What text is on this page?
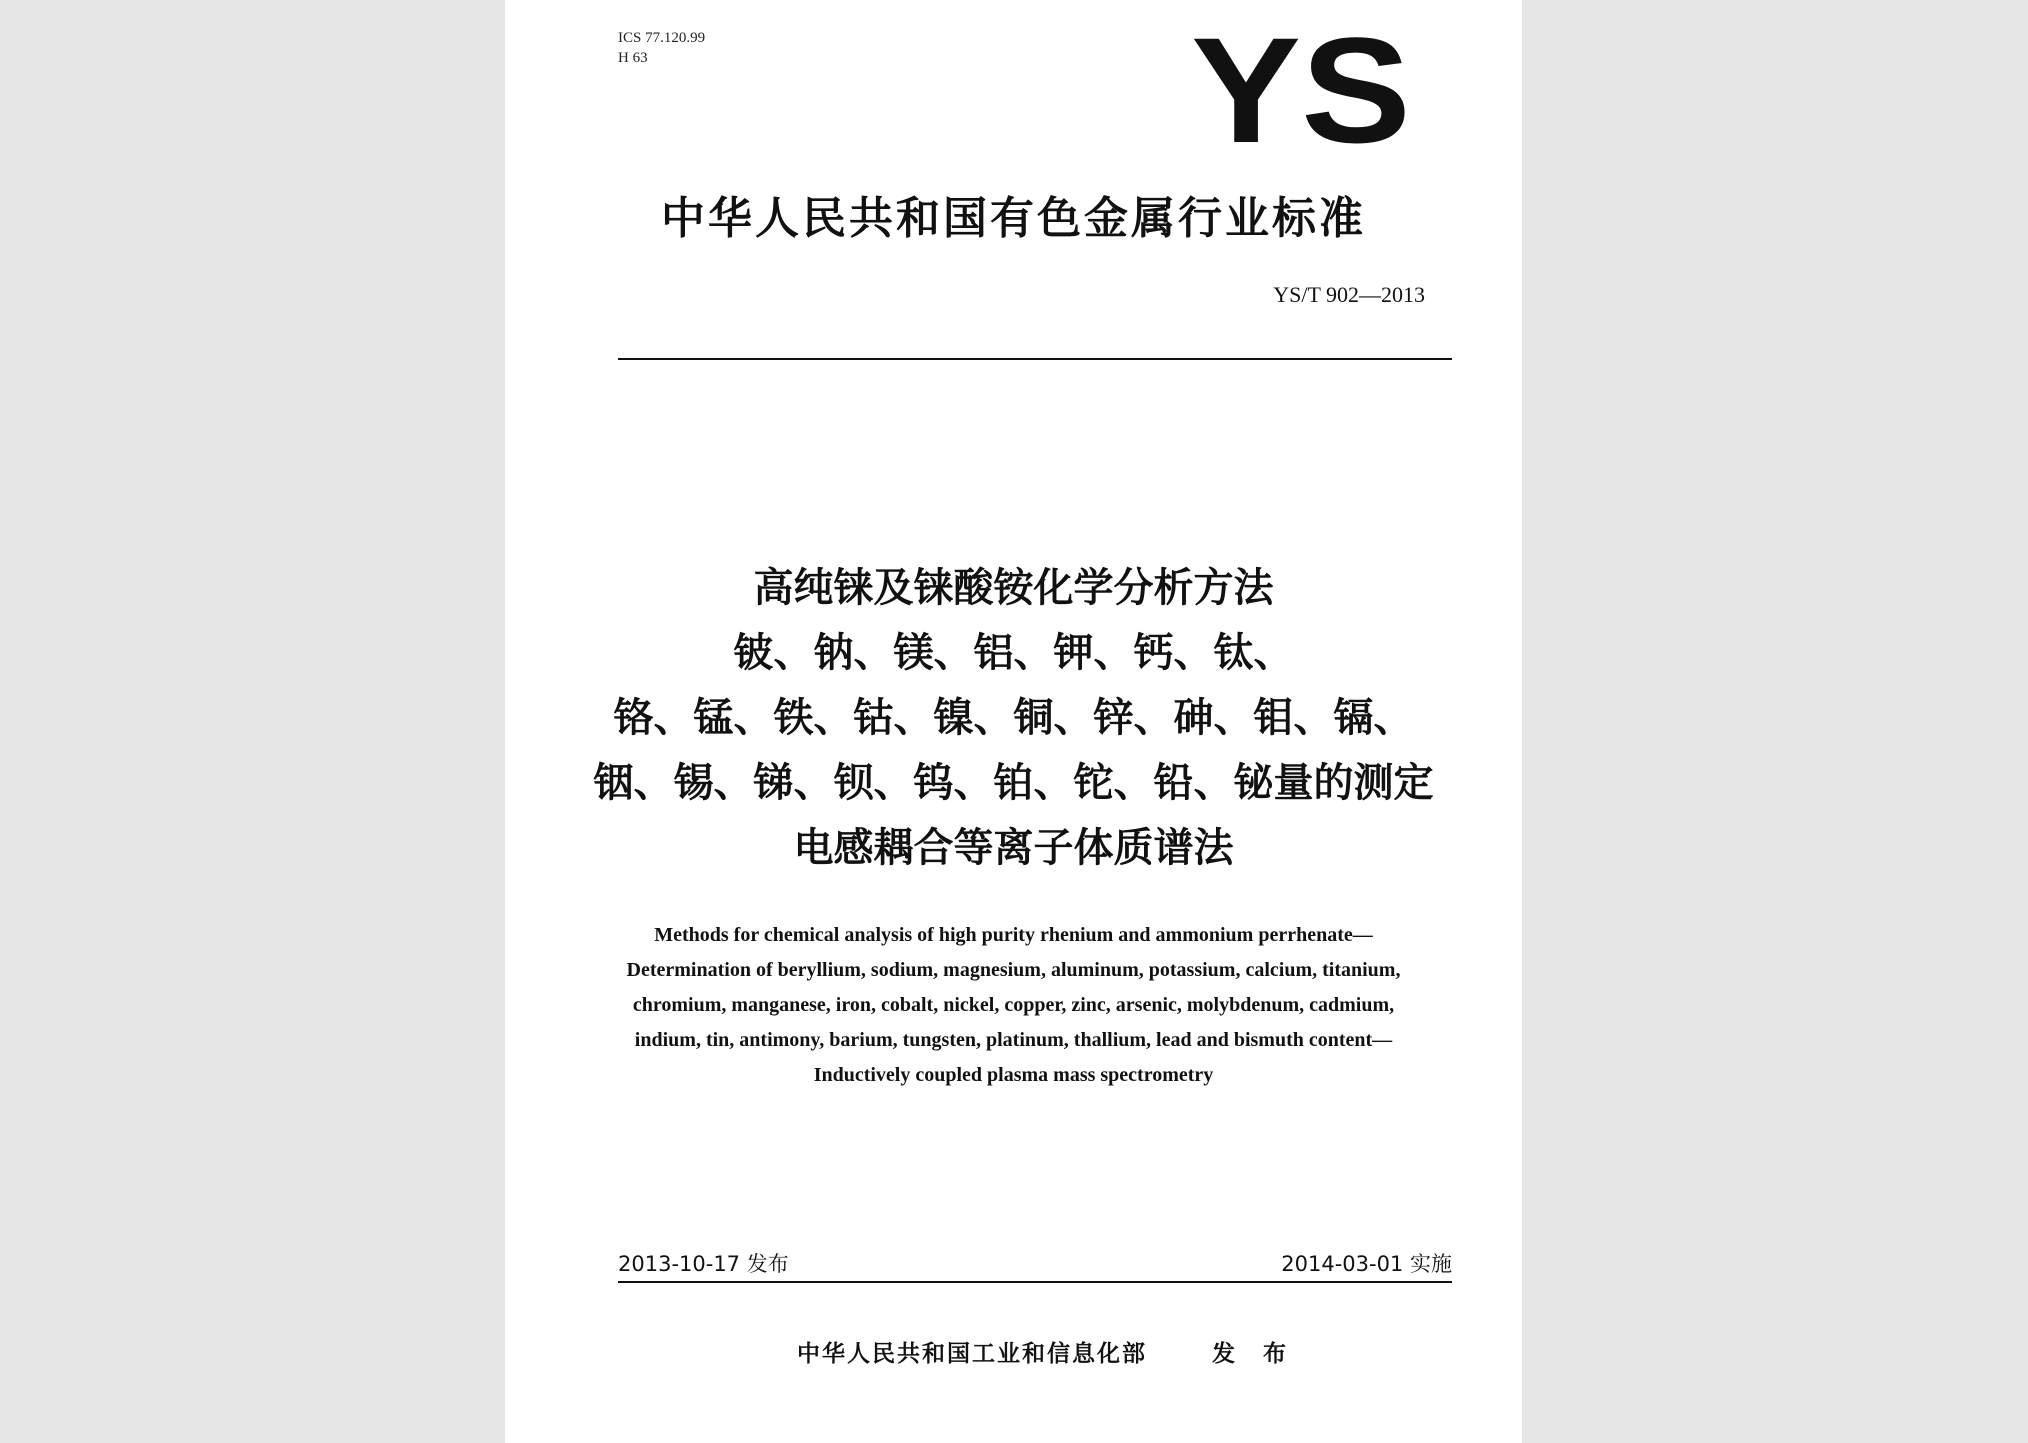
ICS 77.120.99
H 63	YS
中华人民共和国有色金属行业标准
YS/T 902—2013
高纯铼及铼酸铵化学分析方法
铍、钠、镁、铝、钾、钙、钛、
铬、锰、铁、钴、镍、铜、锌、砷、钼、镉、
铟、锡、锑、钡、钨、铂、铊、铅、铋量的测定
电感耦合等离子体质谱法
Methods for chemical analysis of high purity rhenium and ammonium perrhenate—
Determination of beryllium, sodium, magnesium, aluminum, potassium, calcium, titanium,
chromium, manganese, iron, cobalt, nickel, copper, zinc, arsenic, molybdenum, cadmium,
indium, tin, antimony, barium, tungsten, platinum, thallium, lead and bismuth content—
Inductively coupled plasma mass spectrometry
2013-10-17 发布	2014-03-01 实施
中华人民共和国工业和信息化部	发 布
